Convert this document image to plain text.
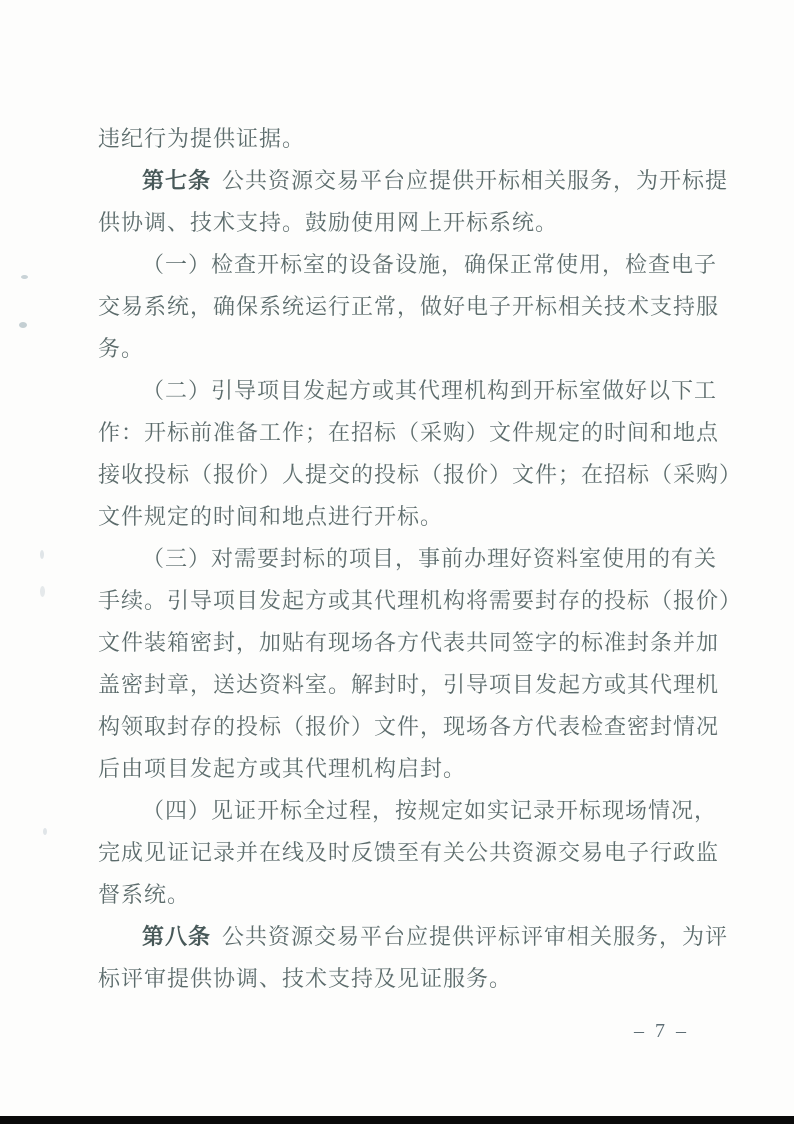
违纪行为提供证据。
第七条 公共资源交易平台应提供开标相关服务，为开标提
供协调、技术支持。鼓励使用网上开标系统。
（一）检查开标室的设备设施，确保正常使用，检查电子
交易系统，确保系统运行正常，做好电子开标相关技术支持服
务。
（二）引导项目发起方或其代理机构到开标室做好以下工
作：开标前准备工作；在招标（采购）文件规定的时间和地点
接收投标（报价）人提交的投标（报价）文件；在招标（采购）
文件规定的时间和地点进行开标。
（三）对需要封标的项目，事前办理好资料室使用的有关
手续。引导项目发起方或其代理机构将需要封存的投标（报价）
文件装箱密封，加贴有现场各方代表共同签字的标准封条并加
盖密封章，送达资料室。解封时，引导项目发起方或其代理机
构领取封存的投标（报价）文件，现场各方代表检查密封情况
后由项目发起方或其代理机构启封。
（四）见证开标全过程，按规定如实记录开标现场情况，
完成见证记录并在线及时反馈至有关公共资源交易电子行政监
督系统。
第八条 公共资源交易平台应提供评标评审相关服务，为评
标评审提供协调、技术支持及见证服务。
– 7 –
